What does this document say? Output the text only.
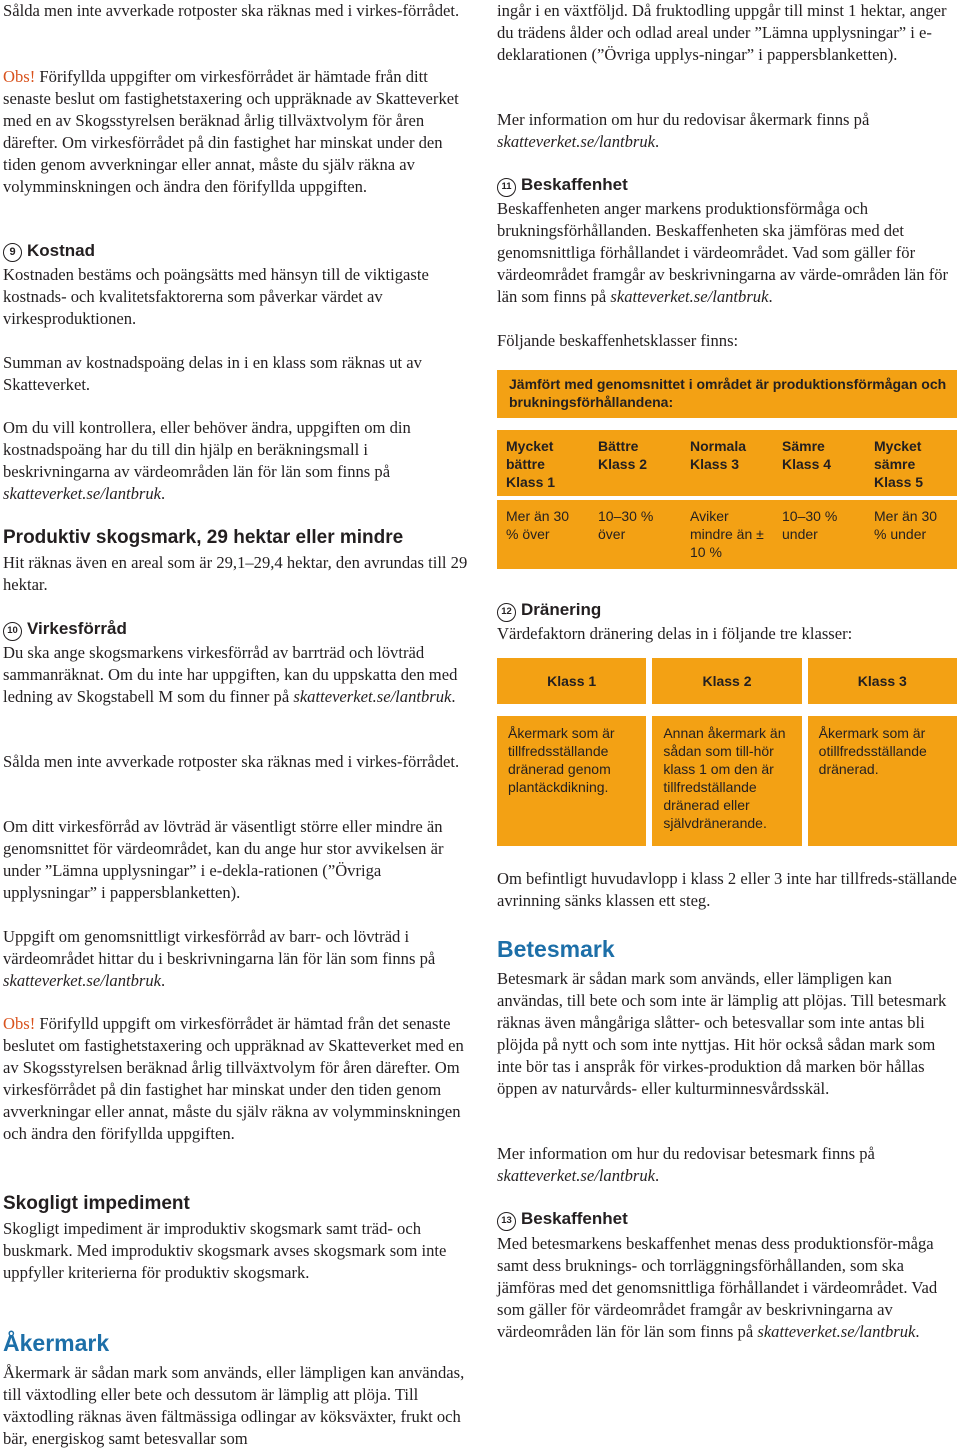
Sålda men inte avverkade rotposter ska räknas med i virkes-förrådet.

Obs! Förifyllda uppgifter om virkesförrådet är hämtade från ditt senaste beslut om fastighetstaxering och uppräknade av Skatteverket med en av Skogsstyrelsen beräknad årlig tillväxtvolym för åren därefter. Om virkesförrådet på din fastighet har minskat under den tiden genom avverkningar eller annat, måste du själv räkna av volymminskningen och ändra den förifyllda uppgiften.

9 Kostnad

Kostnaden bestäms och poängsätts med hänsyn till de viktigaste kostnads- och kvalitetsfaktorerna som påverkar värdet av virkesproduktionen.

Summan av kostnadspoäng delas in i en klass som räknas ut av Skatteverket.

Om du vill kontrollera, eller behöver ändra, uppgiften om din kostnadspoäng har du till din hjälp en beräkningsmall i beskrivningarna av värdeområden län för län som finns på skatteverket.se/lantbruk.

Produktiv skogsmark, 29 hektar eller mindre

Hit räknas även en areal som är 29,1–29,4 hektar, den avrundas till 29 hektar.

10 Virkesförråd

Du ska ange skogsmarkens virkesförråd av barrträd och lövträd sammanräknat. Om du inte har uppgiften, kan du uppskatta den med ledning av Skogstabell M som du finner på skatteverket.se/lantbruk.

Sålda men inte avverkade rotposter ska räknas med i virkes-förrådet.

Om ditt virkesförråd av lövträd är väsentligt större eller mindre än genomsnittet för värdeområdet, kan du ange hur stor avvikelsen är under ”Lämna upplysningar” i e-dekla-rationen (”Övriga upplysningar” i pappersblanketten).

Uppgift om genomsnittligt virkesförråd av barr- och lövträd i värdeområdet hittar du i beskrivningarna län för län som finns på skatteverket.se/lantbruk.

Obs! Förifylld uppgift om virkesförrådet är hämtad från det senaste beslutet om fastighetstaxering och uppräknad av Skatteverket med en av Skogsstyrelsen beräknad årlig tillväxtvolym för åren därefter. Om virkesförrådet på din fastighet har minskat under den tiden genom avverkningar eller annat, måste du själv räkna av volymminskningen och ändra den förifyllda uppgiften.

Skogligt impediment

Skogligt impediment är improduktiv skogsmark samt träd- och buskmark. Med improduktiv skogsmark avses skogsmark som inte uppfyller kriterierna för produktiv skogsmark.

Åkermark

Åkermark är sådan mark som används, eller lämpligen kan användas, till växtodling eller bete och dessutom är lämplig att plöja. Till växtodling räknas även fältmässiga odlingar av köksväxter, frukt och bär, energiskog samt betesvallar som

ingår i en växtföljd. Då fruktodling uppgår till minst 1 hektar, anger du trädens ålder och odlad areal under ”Lämna upplysningar” i e-deklarationen (”Övriga upplys-ningar” i pappersblanketten).

Mer information om hur du redovisar åkermark finns på skatteverket.se/lantbruk.

11 Beskaffenhet

Beskaffenheten anger markens produktionsförmåga och brukningsförhållanden. Beskaffenheten ska jämföras med det genomsnittliga förhållandet i värdeområdet. Vad som gäller för värdeområdet framgår av beskrivningarna av värde-områden län för län som finns på skatteverket.se/lantbruk.

Följande beskaffenhetsklasser finns:

Jämfört med genomsnittet i området är produktionsförmågan och brukningsförhållandena:
Mycket bättre Klass 1
Bättre Klass 2
Normala Klass 3
Sämre Klass 4
Mycket sämre Klass 5
Mer än 30 % över
10–30 % över
Aviker mindre än ± 10 %
10–30 % under
Mer än 30 % under
12 Dränering

Värdefaktorn dränering delas in i följande tre klasser:

Klass 1	Klass 2	Klass 3
Åkermark som är tillfredsställande dränerad genom plantäckdikning.
Annan åkermark än sådan som till-hör klass 1 om den är tillfredställande dränerad eller självdränerande.
Åkermark som är otillfredsställande dränerad.

Om befintligt huvudavlopp i klass 2 eller 3 inte har tillfreds-ställande avrinning sänks klassen ett steg.

Betesmark

Betesmark är sådan mark som används, eller lämpligen kan användas, till bete och som inte är lämplig att plöjas. Till betesmark räknas även mångåriga slåtter- och betesvallar som inte antas bli plöjda på nytt och som inte nyttjas. Hit hör också sådan mark som inte bör tas i anspråk för virkes-produktion då marken bör hållas öppen av naturvårds- eller kulturminnesvårdsskäl.

Mer information om hur du redovisar betesmark finns på skatteverket.se/lantbruk.

13 Beskaffenhet

Med betesmarkens beskaffenhet menas dess produktionsför-måga samt dess bruknings- och torrläggningsförhållanden, som ska jämföras med det genomsnittliga förhållandet i värdeområdet. Vad som gäller för värdeområdet framgår av beskrivningarna av värdeområden län för län som finns på skatteverket.se/lantbruk.
